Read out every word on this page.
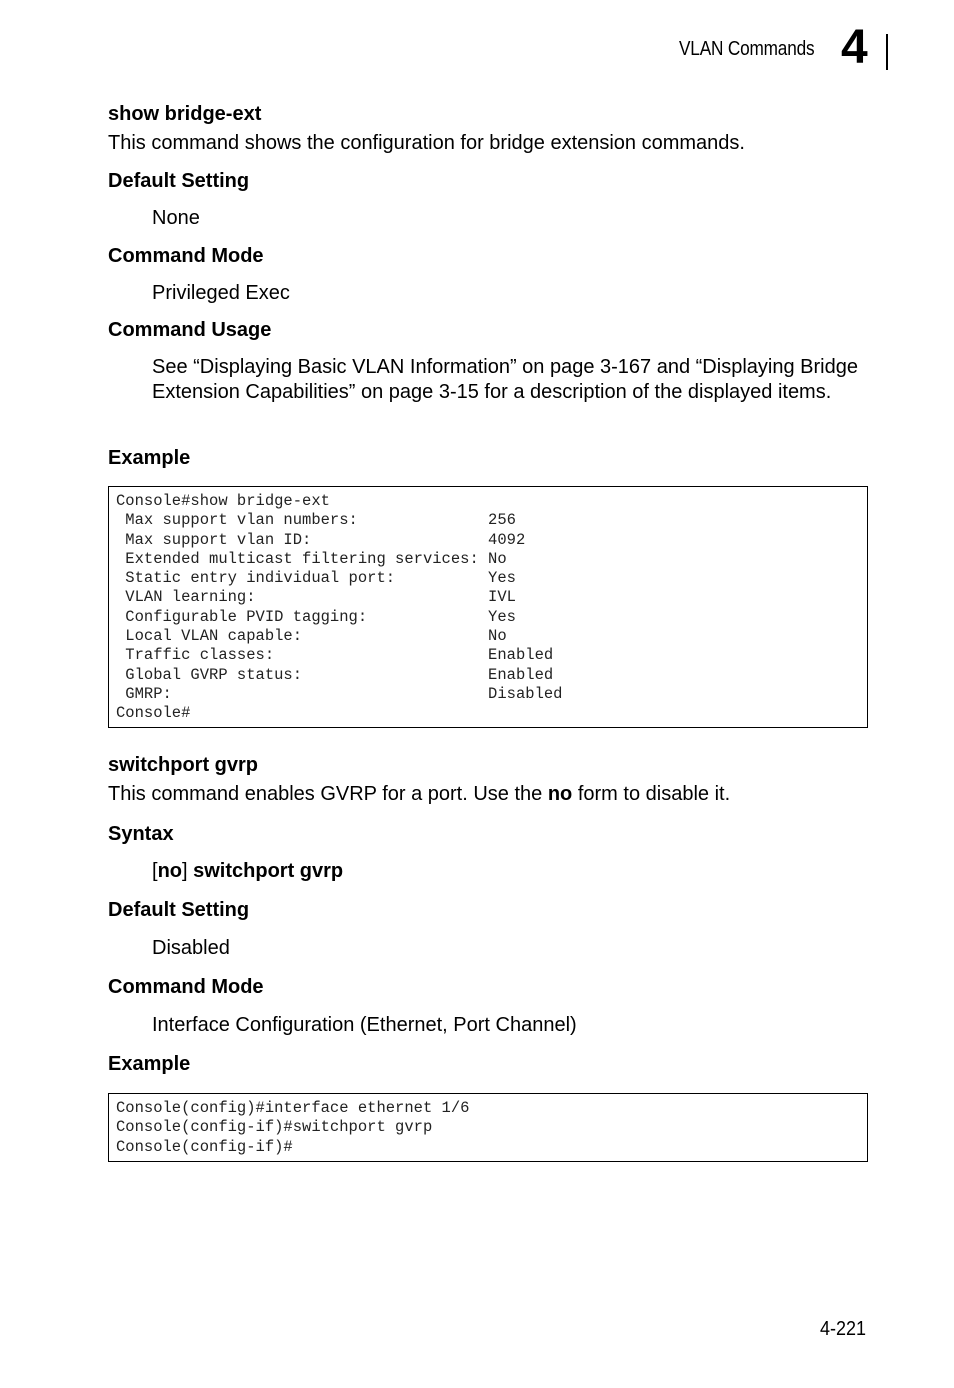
VLAN Commands 4
show bridge-ext
This command shows the configuration for bridge extension commands.
Default Setting
None
Command Mode
Privileged Exec
Command Usage
See “Displaying Basic VLAN Information” on page 3-167 and “Displaying Bridge Extension Capabilities” on page 3-15 for a description of the displayed items.
Example
Console#show bridge-ext
Max support vlan numbers:              256
Max support vlan ID:                   4092
Extended multicast filtering services: No
Static entry individual port:          Yes
VLAN learning:                         IVL
Configurable PVID tagging:             Yes
Local VLAN capable:                    No
Traffic classes:                       Enabled
Global GVRP status:                    Enabled
GMRP:                                  Disabled
Console#
switchport gvrp
This command enables GVRP for a port. Use the no form to disable it.
Syntax
[no] switchport gvrp
Default Setting
Disabled
Command Mode
Interface Configuration (Ethernet, Port Channel)
Example
Console(config)#interface ethernet 1/6
Console(config-if)#switchport gvrp
Console(config-if)#
4-221
